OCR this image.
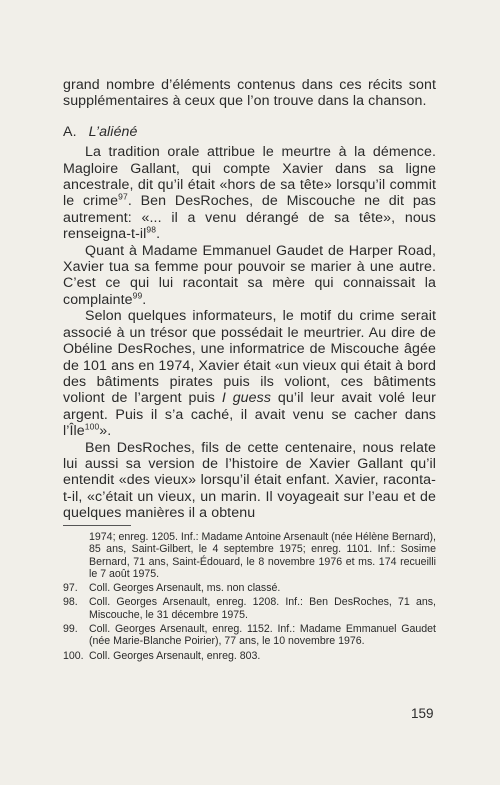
grand nombre d’éléments contenus dans ces récits sont supplémentaires à ceux que l’on trouve dans la chanson.

A. L’aliéné

La tradition orale attribue le meurtre à la démence. Magloire Gallant, qui compte Xavier dans sa ligne ancestrale, dit qu’il était «hors de sa tête» lorsqu’il commit le crime$^{97}$. Ben DesRoches, de Miscouche ne dit pas autrement: «... il a venu dérangé de sa tête», nous renseigna-$t-il^{98}$.

Quant à Madame Emmanuel Gaudet de Harper Road, Xavier tua sa femme pour pouvoir se marier à une autre. C’est ce qui lui racontait sa mère qui connaissait la complainte$^{99}$.

Selon quelques informateurs, le motif du crime serait associé à un trésor que possédait le meurtrier. Au dire de Obéline DesRoches, une informatrice de Miscouche âgée de 101 ans en 1974, Xavier était «un vieux qui était à bord des bâtiments pirates puis ils voliont, ces bâtiments voliont de l’argent puis I guess qu’il leur avait volé leur argent. Puis il s’a caché, il avait venu se cacher dans l’Île$^{100}$».

Ben DesRoches, fils de cette centenaire, nous relate lui aussi sa version de l’histoire de Xavier Gallant qu’il entendit «des vieux» lorsqu’il était enfant. Xavier, raconta-t-il, «c’était un vieux, un marin. Il voyageait sur l’eau et de quelques manières il a obtenu

1974; enreg. 1205. Inf.: Madame Antoine Arsenault (née Hélène Bernard), 85 ans, Saint-Gilbert, le 4 septembre 1975; enreg. 1101. Inf.: Sosime Bernard, 71 ans, Saint-Édouard, le 8 novembre 1976 et ms. 174 recueilli le 7 août 1975.
97.	Coll. Georges Arsenault, ms. non classé.
98.	Coll. Georges Arsenault, enreg. 1208. Inf.: Ben DesRoches, 71 ans, Miscouche, le 31 décembre 1975.
99.	Coll. Georges Arsenault, enreg. 1152. Inf.: Madame Emmanuel Gaudet (née Marie-Blanche Poirier), 77 ans, le 10 novembre 1976.
100. Coll. Georges Arsenault, enreg. 803.
159
